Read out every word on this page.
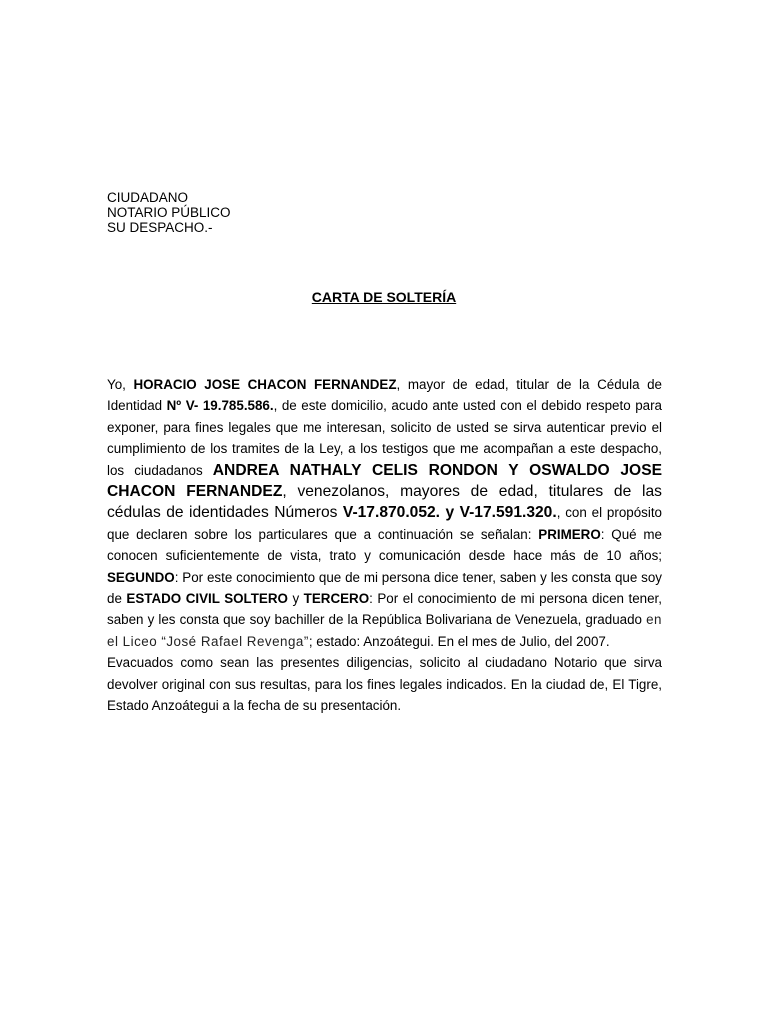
CIUDADANO
NOTARIO PÚBLICO
SU DESPACHO.-
CARTA DE SOLTERÍA

Yo, HORACIO JOSE CHACON FERNANDEZ, mayor de edad, titular de la Cédula de Identidad Nº V- 19.785.586., de este domicilio, acudo ante usted con el debido respeto para exponer, para fines legales que me interesan, solicito de usted se sirva autenticar previo el cumplimiento de los tramites de la Ley, a los testigos que me acompañan a este despacho, los ciudadanos ANDREA NATHALY CELIS RONDON Y OSWALDO JOSE CHACON FERNANDEZ, venezolanos, mayores de edad, titulares de las cédulas de identidades Números V-17.870.052. y V-17.591.320., con el propósito que declaren sobre los particulares que a continuación se señalan: PRIMERO: Qué me conocen suficientemente de vista, trato y comunicación desde hace más de 10 años; SEGUNDO: Por este conocimiento que de mi persona dice tener, saben y les consta que soy de ESTADO CIVIL SOLTERO y TERCERO: Por el conocimiento de mi persona dicen tener, saben y les consta que soy bachiller de la República Bolivariana de Venezuela, graduado en el Liceo “José Rafael Revenga”; estado: Anzoátegui. En el mes de Julio, del 2007.

Evacuados como sean las presentes diligencias, solicito al ciudadano Notario que sirva devolver original con sus resultas, para los fines legales indicados. En la ciudad de, El Tigre, Estado Anzoátegui a la fecha de su presentación.
